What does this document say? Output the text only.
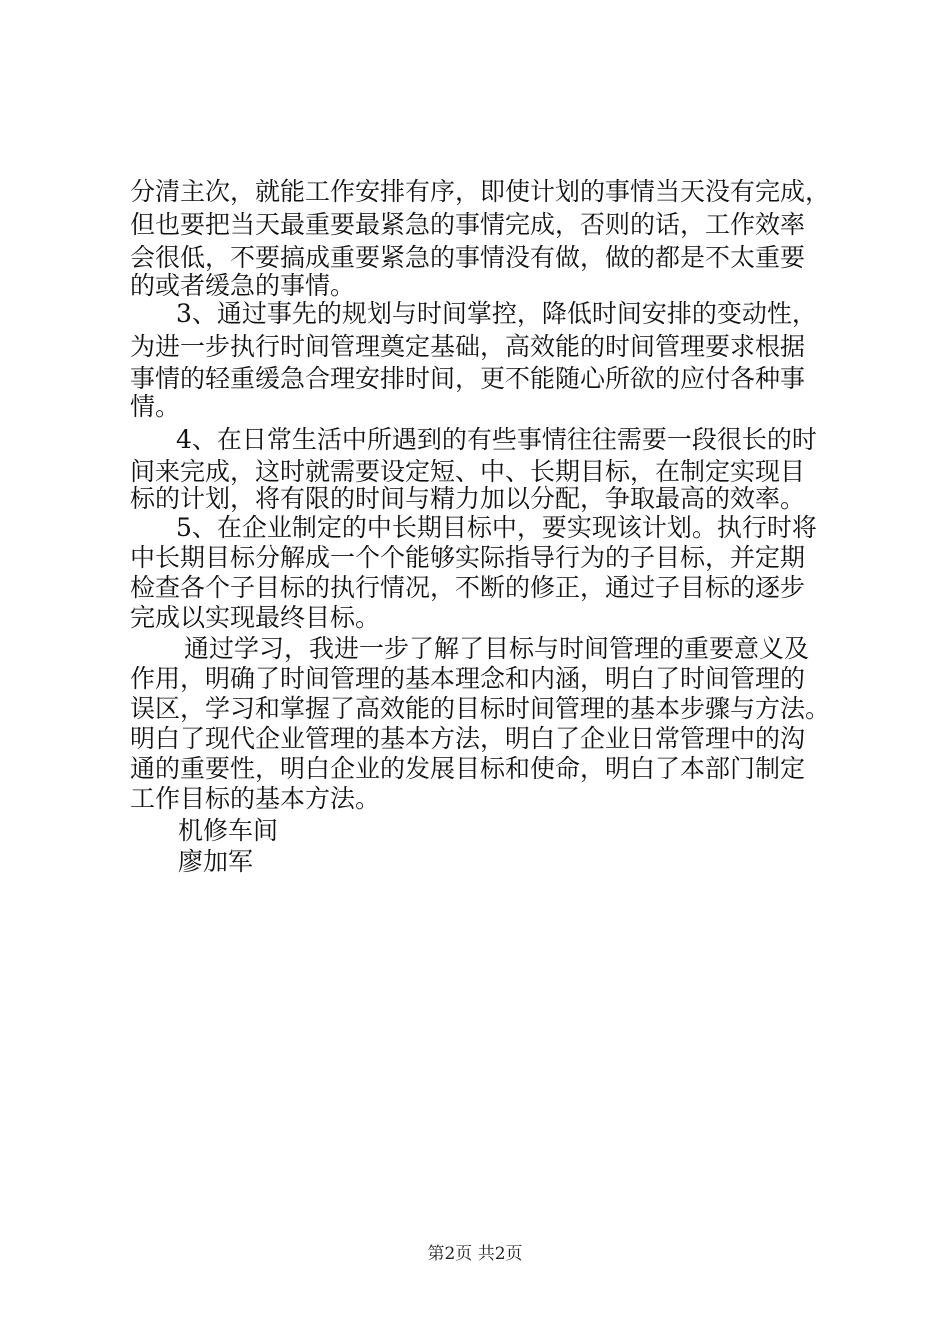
分清主次，就能工作安排有序，即使计划的事情当天没有完成，
但也要把当天最重要最紧急的事情完成，否则的话，工作效率
会很低，不要搞成重要紧急的事情没有做，做的都是不太重要
的或者缓急的事情。
3、通过事先的规划与时间掌控，降低时间安排的变动性，
为进一步执行时间管理奠定基础，高效能的时间管理要求根据
事情的轻重缓急合理安排时间，更不能随心所欲的应付各种事
情。
4、在日常生活中所遇到的有些事情往往需要一段很长的时
间来完成，这时就需要设定短、中、长期目标，在制定实现目
标的计划，将有限的时间与精力加以分配，争取最高的效率。
5、在企业制定的中长期目标中，要实现该计划。执行时将
中长期目标分解成一个个能够实际指导行为的子目标，并定期
检查各个子目标的执行情况，不断的修正，通过子目标的逐步
完成以实现最终目标。
通过学习，我进一步了解了目标与时间管理的重要意义及
作用，明确了时间管理的基本理念和内涵，明白了时间管理的
误区，学习和掌握了高效能的目标时间管理的基本步骤与方法。
明白了现代企业管理的基本方法，明白了企业日常管理中的沟
通的重要性，明白企业的发展目标和使命，明白了本部门制定
工作目标的基本方法。
机修车间
廖加军
第2页 共2页
